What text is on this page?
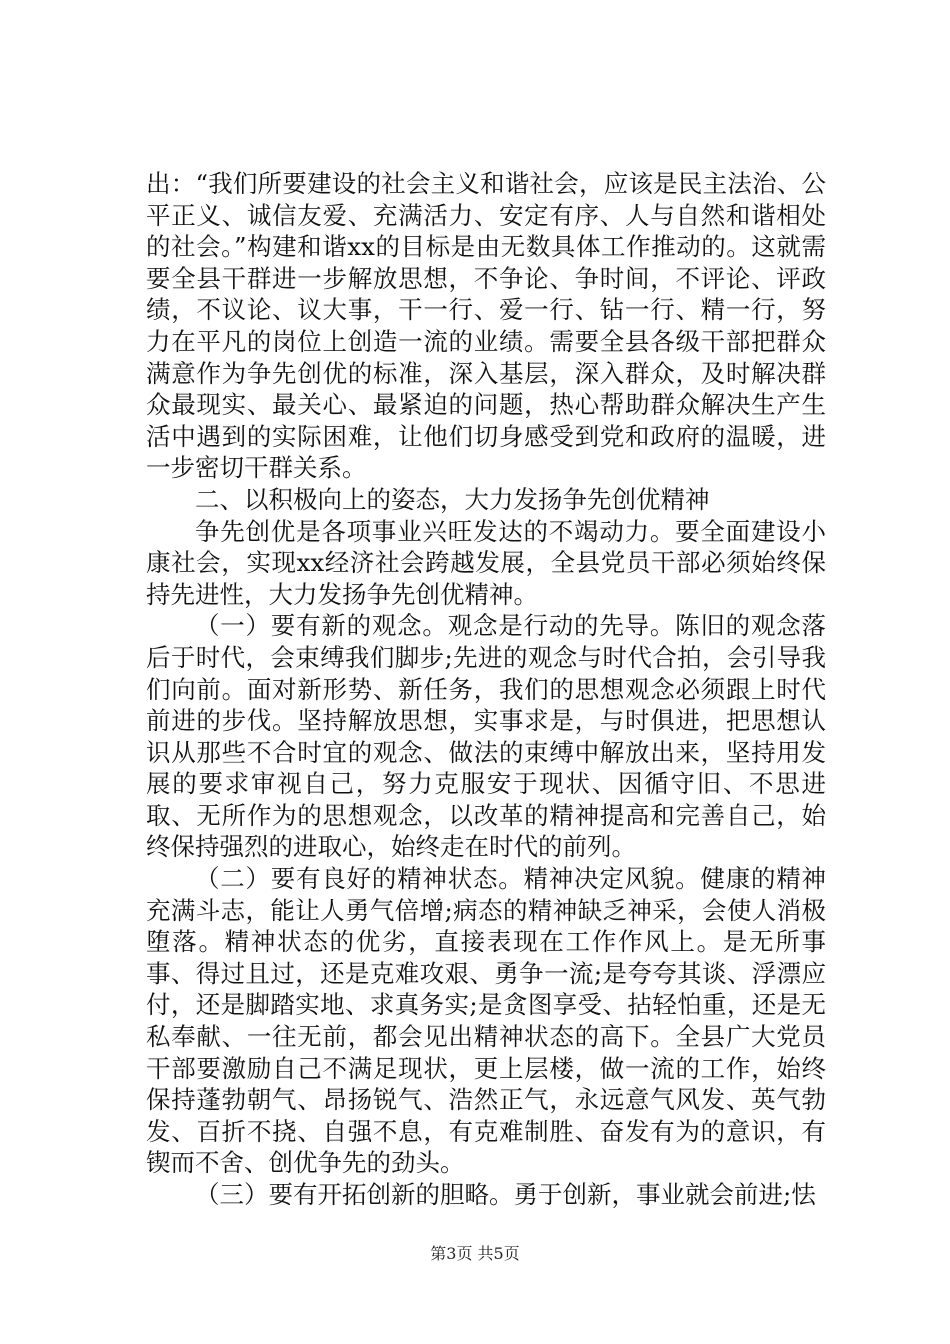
出：“我们所要建设的社会主义和谐社会，应该是民主法治、公平正义、诚信友爱、充满活力、安定有序、人与自然和谐相处的社会。”构建和谐xx的目标是由无数具体工作推动的。这就需要全县干群进一步解放思想，不争论、争时间，不评论、评政绩，不议论、议大事，干一行、爱一行、钻一行、精一行，努力在平凡的岗位上创造一流的业绩。需要全县各级干部把群众满意作为争先创优的标准，深入基层，深入群众，及时解决群众最现实、最关心、最紧迫的问题，热心帮助群众解决生产生活中遇到的实际困难，让他们切身感受到党和政府的温暖，进一步密切干群关系。

二、以积极向上的姿态，大力发扬争先创优精神

争先创优是各项事业兴旺发达的不竭动力。要全面建设小康社会，实现xx经济社会跨越发展，全县党员干部必须始终保持先进性，大力发扬争先创优精神。

（一）要有新的观念。观念是行动的先导。陈旧的观念落后于时代，会束缚我们脚步;先进的观念与时代合拍，会引导我们向前。面对新形势、新任务，我们的思想观念必须跟上时代前进的步伐。坚持解放思想，实事求是，与时俱进，把思想认识从那些不合时宜的观念、做法的束缚中解放出来，坚持用发展的要求审视自己，努力克服安于现状、因循守旧、不思进取、无所作为的思想观念，以改革的精神提高和完善自己，始终保持强烈的进取心，始终走在时代的前列。

（二）要有良好的精神状态。精神决定风貌。健康的精神充满斗志，能让人勇气倍增;病态的精神缺乏神采，会使人消极堕落。精神状态的优劣，直接表现在工作作风上。是无所事事、得过且过，还是克难攻艰、勇争一流;是夸夸其谈、浮漂应付，还是脚踏实地、求真务实;是贪图享受、拈轻怕重，还是无私奉献、一往无前，都会见出精神状态的高下。全县广大党员干部要激励自己不满足现状，更上层楼，做一流的工作，始终保持蓬勃朝气、昂扬锐气、浩然正气，永远意气风发、英气勃发、百折不挠、自强不息，有克难制胜、奋发有为的意识，有锲而不舍、创优争先的劲头。

（三）要有开拓创新的胆略。勇于创新，事业就会前进;怯

第3页 共5页
